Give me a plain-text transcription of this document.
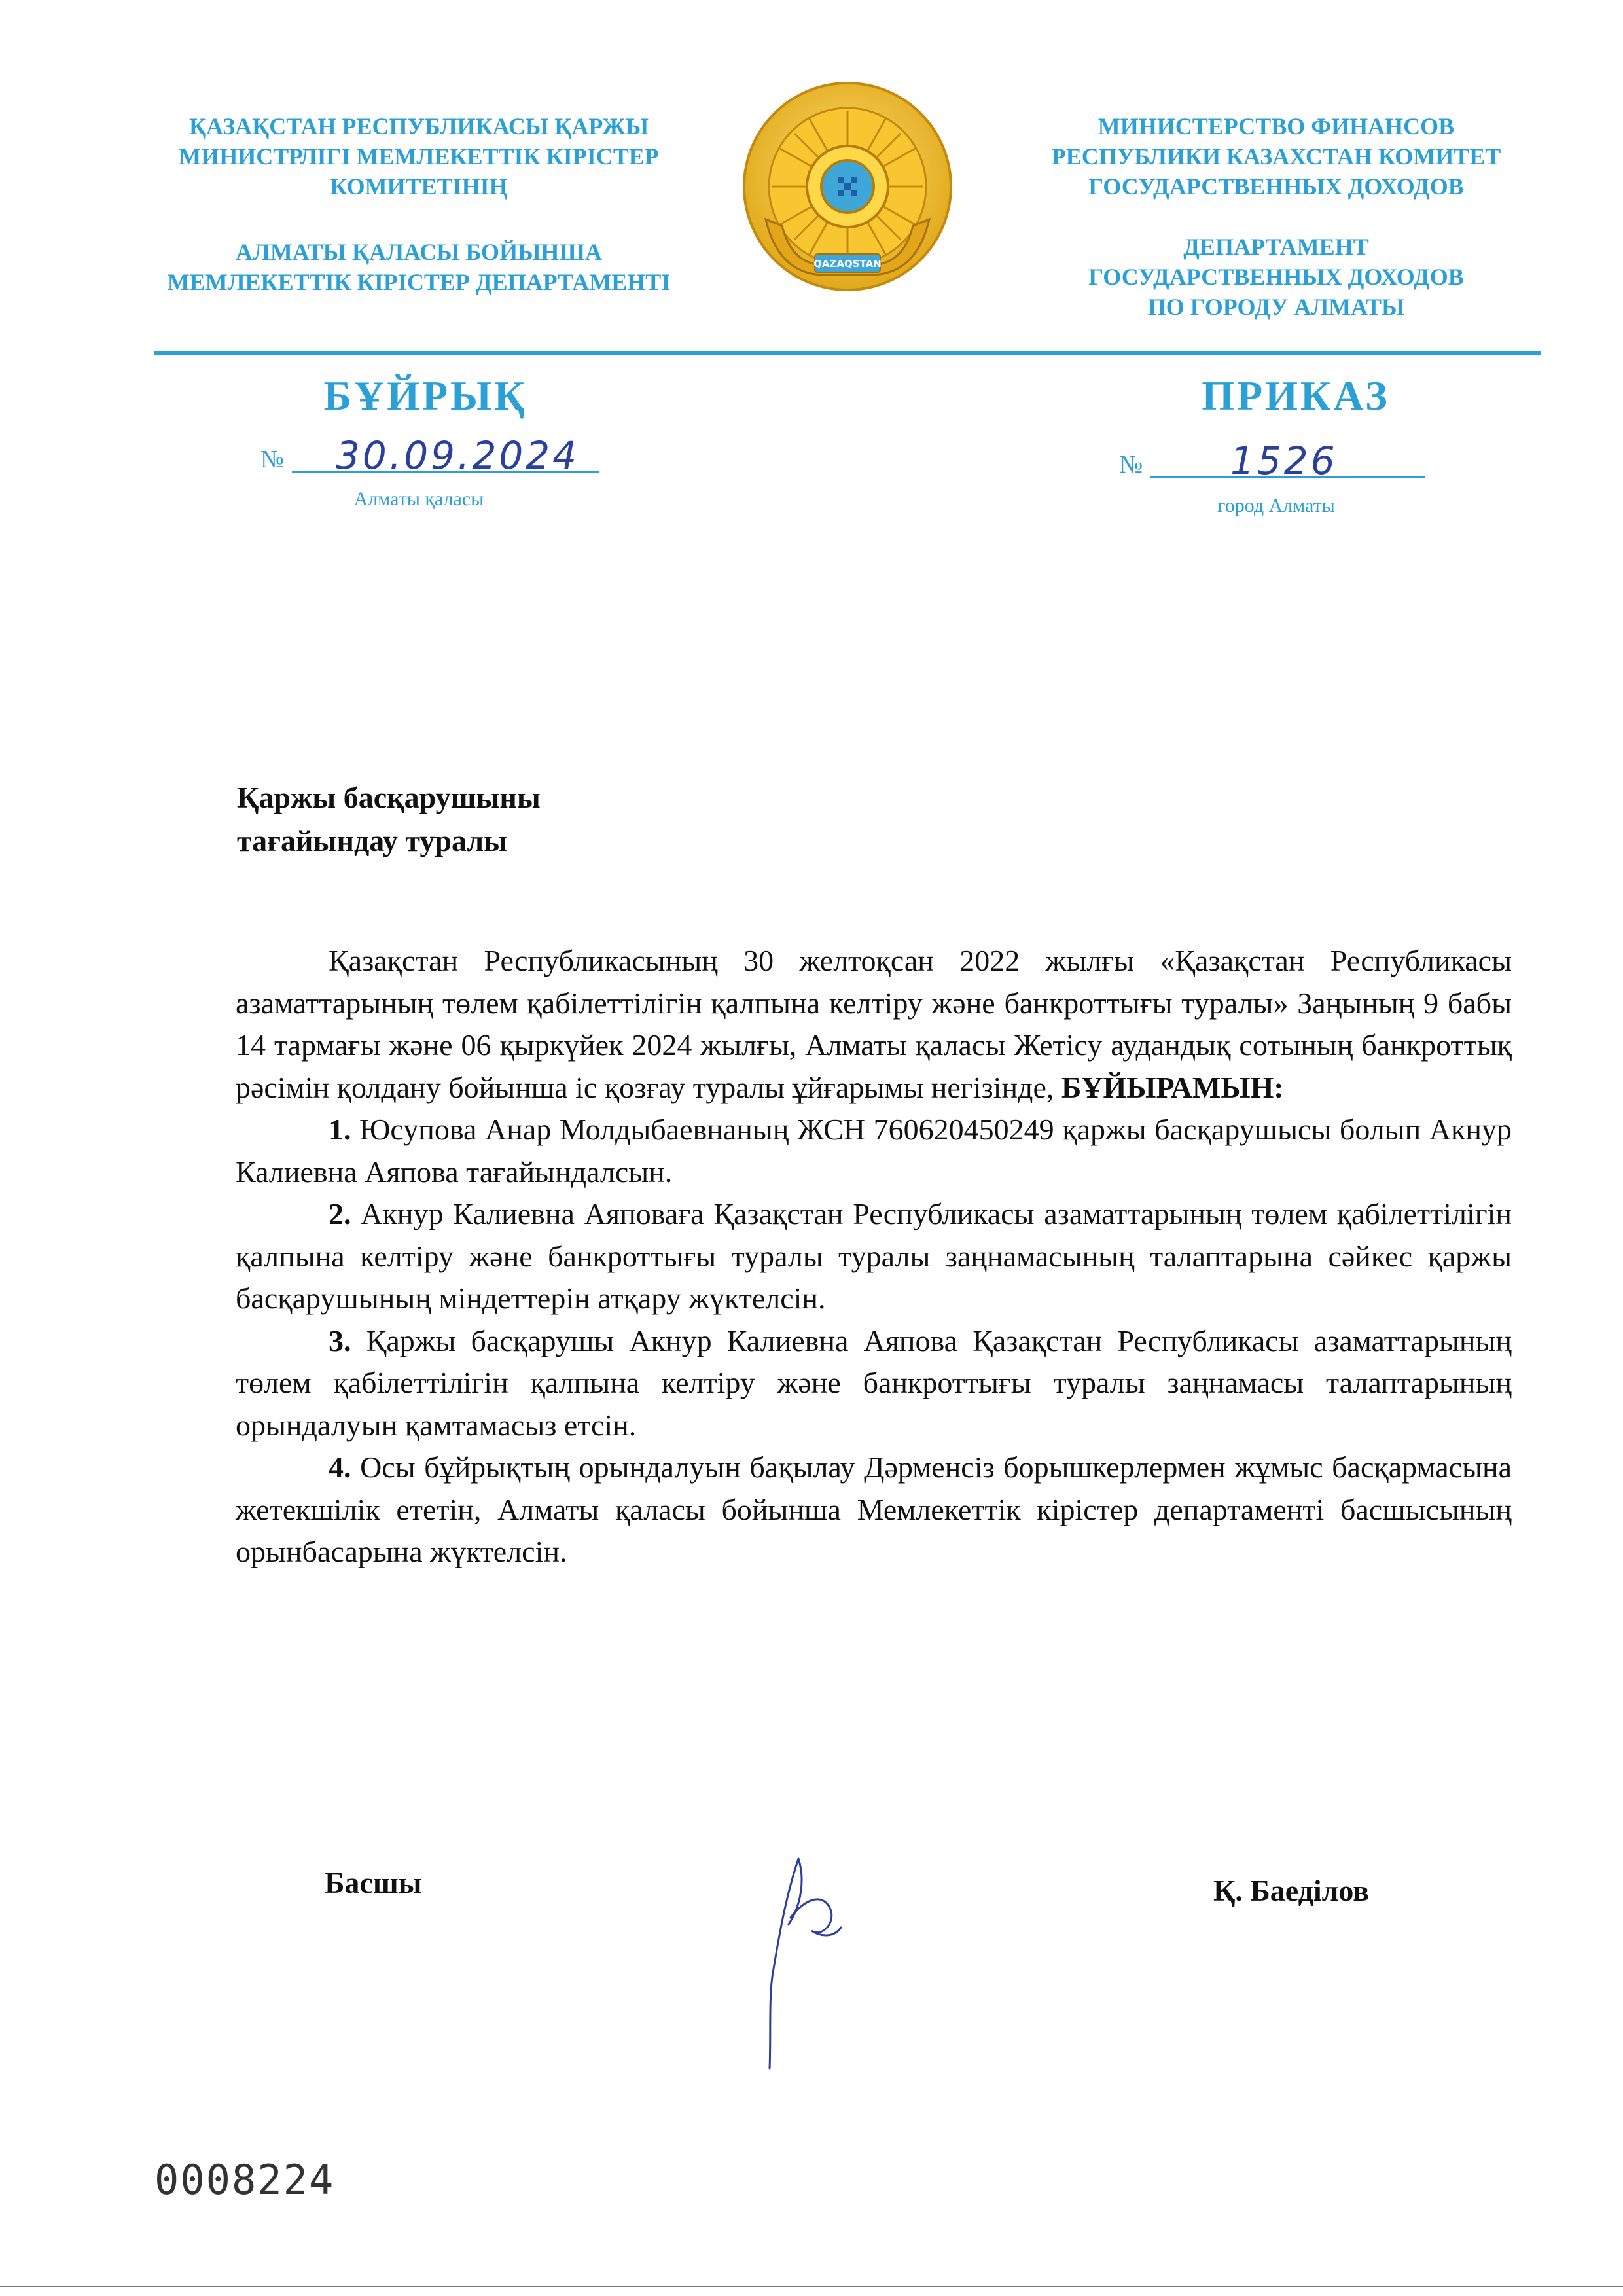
ҚАЗАҚСТАН РЕСПУБЛИКАСЫ ҚАРЖЫ
МИНИСТРЛІГІ МЕМЛЕКЕТТІК КІРІСТЕР
КОМИТЕТІНІҢ
АЛМАТЫ ҚАЛАСЫ БОЙЫНША
МЕМЛЕКЕТТІК КІРІСТЕР ДЕПАРТАМЕНТІ
QAZAQSTAN
МИНИСТЕРСТВО ФИНАНСОВ
РЕСПУБЛИКИ КАЗАХСТАН КОМИТЕТ
ГОСУДАРСТВЕННЫХ ДОХОДОВ
ДЕПАРТАМЕНТ
ГОСУДАРСТВЕННЫХ ДОХОДОВ
ПО ГОРОДУ АЛМАТЫ
БҰЙРЫҚ	ПРИКАЗ
№ 30.09.2024	№ 1526
Алматы қаласы	город Алматы
Қаржы басқарушыны
тағайындау туралы

Қазақстан Республикасының 30 желтоқсан 2022 жылғы «Қазақстан Республикасы азаматтарының төлем қабілеттілігін қалпына келтіру және банкроттығы туралы» Заңының 9 бабы 14 тармағы және 06 қыркүйек 2024 жылғы, Алматы қаласы Жетісу аудандық сотының банкроттық рәсімін қолдану бойынша іс қозғау туралы ұйғарымы негізінде, БҰЙЫРАМЫН:

1. Юсупова Анар Молдыбаевнаның ЖСН 760620450249 қаржы басқарушысы болып Акнур Калиевна Аяпова тағайындалсын.

2. Акнур Калиевна Аяповаға Қазақстан Республикасы азаматтарының төлем қабілеттілігін қалпына келтіру және банкроттығы туралы туралы заңнамасының талаптарына сәйкес қаржы басқарушының міндеттерін атқару жүктелсін.

3. Қаржы басқарушы Акнур Калиевна Аяпова Қазақстан Республикасы азаматтарының төлем қабілеттілігін қалпына келтіру және банкроттығы туралы заңнамасы талаптарының орындалуын қамтамасыз етсін.

4. Осы бұйрықтың орындалуын бақылау Дәрменсіз борышкерлермен жұмыс басқармасына жетекшілік ететін, Алматы қаласы бойынша Мемлекеттік кірістер департаменті басшысының орынбасарына жүктелсін.

Басшы	Қ. Баеділов
0008224
